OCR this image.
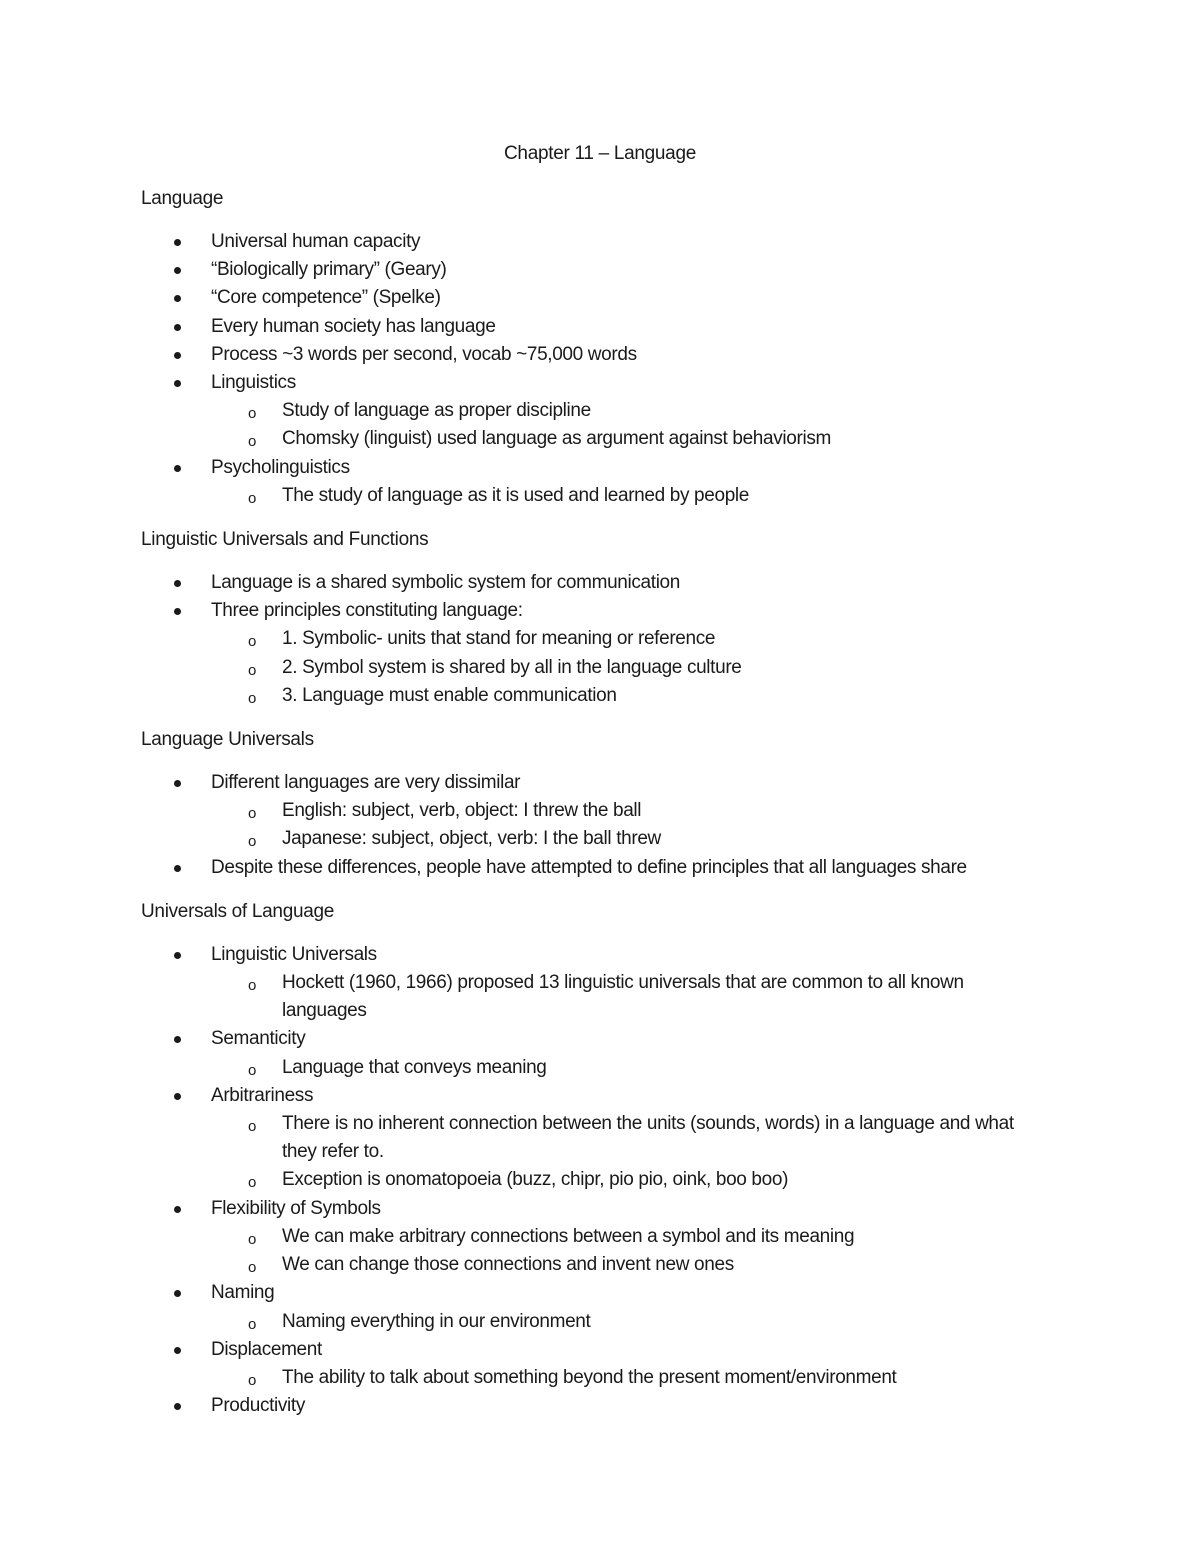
Chapter 11 – Language
Language
Universal human capacity
“Biologically primary” (Geary)
“Core competence” (Spelke)
Every human society has language
Process ~3 words per second, vocab ~75,000 words
Linguistics
o Study of language as proper discipline
o Chomsky (linguist) used language as argument against behaviorism
Psycholinguistics
o The study of language as it is used and learned by people
Linguistic Universals and Functions
Language is a shared symbolic system for communication
Three principles constituting language:
o 1. Symbolic- units that stand for meaning or reference
o 2. Symbol system is shared by all in the language culture
o 3. Language must enable communication
Language Universals
Different languages are very dissimilar
o English: subject, verb, object: I threw the ball
o Japanese: subject, object, verb: I the ball threw
Despite these differences, people have attempted to define principles that all languages share
Universals of Language
Linguistic Universals
o Hockett (1960, 1966) proposed 13 linguistic universals that are common to all known languages
Semanticity
o Language that conveys meaning
Arbitrariness
o There is no inherent connection between the units (sounds, words) in a language and what they refer to.
o Exception is onomatopoeia (buzz, chipr, pio pio, oink, boo boo)
Flexibility of Symbols
o We can make arbitrary connections between a symbol and its meaning
o We can change those connections and invent new ones
Naming
o Naming everything in our environment
Displacement
o The ability to talk about something beyond the present moment/environment
Productivity
